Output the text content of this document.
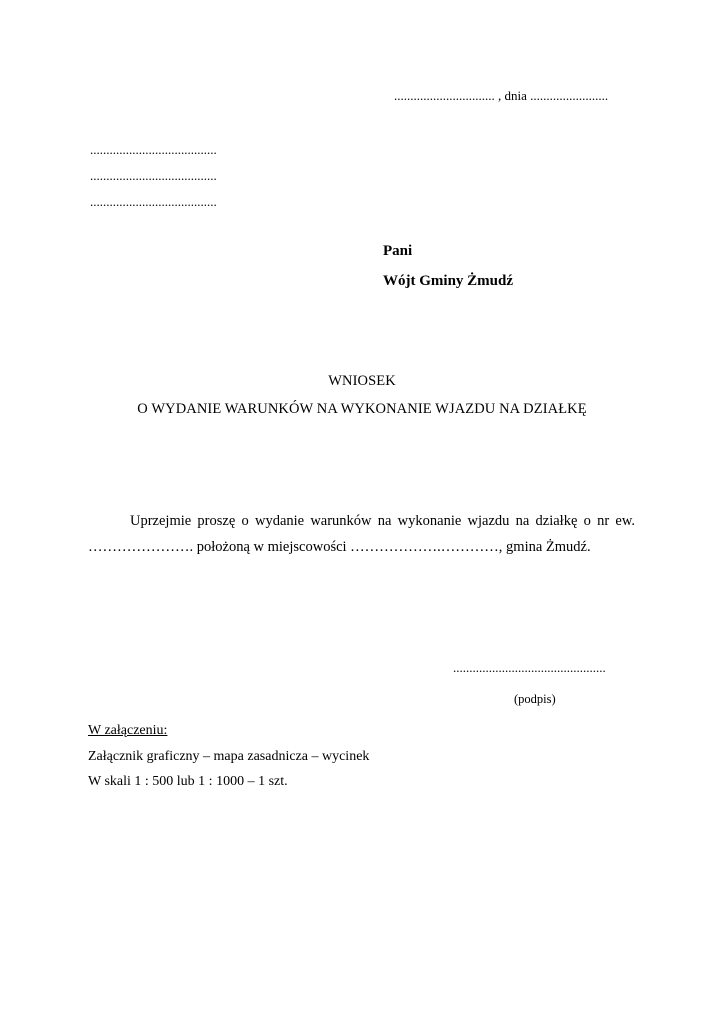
............................... , dnia ........................
.......................................
.......................................
.......................................
Pani
Wójt Gminy Żmudź
WNIOSEK
O WYDANIE WARUNKÓW NA WYKONANIE WJAZDU NA DZIAŁKĘ

Uprzejmie proszę o wydanie warunków na wykonanie wjazdu na działkę o nr ew. …………………. położoną w miejscowości ……………….…………, gmina Żmudź.

...............................................
(podpis)
W załączeniu:
Załącznik graficzny – mapa zasadnicza – wycinek
W skali 1 : 500 lub 1 : 1000 – 1 szt.
